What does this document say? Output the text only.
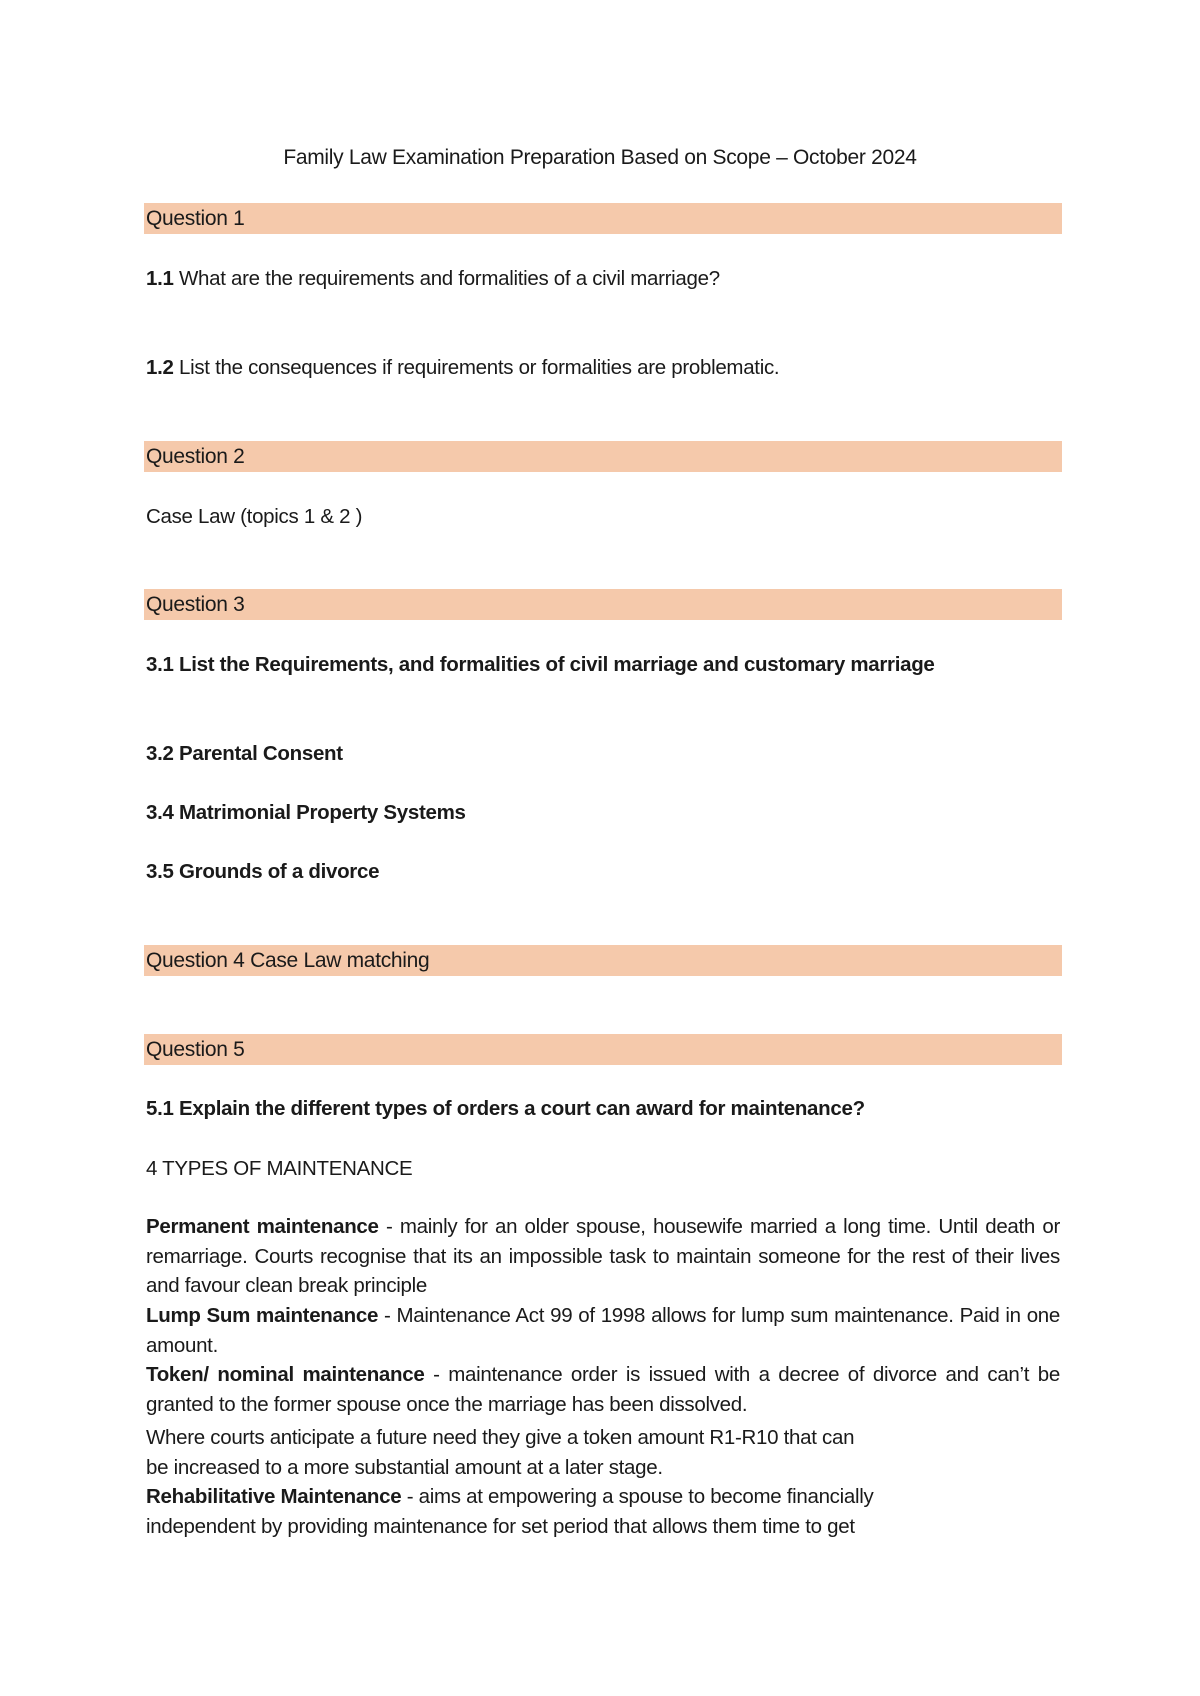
Family Law Examination Preparation Based on Scope – October 2024
Question 1
1.1 What are the requirements and formalities of a civil marriage?
1.2 List the consequences if requirements or formalities are problematic.
Question 2
Case Law (topics 1 & 2 )
Question 3
3.1 List the Requirements, and formalities of civil marriage and customary marriage
3.2 Parental Consent
3.4 Matrimonial Property Systems
3.5 Grounds of a divorce
Question 4 Case Law matching
Question 5
5.1 Explain the different types of orders a court can award for maintenance?
4 TYPES OF MAINTENANCE
Permanent maintenance - mainly for an older spouse, housewife married a long time. Until death or remarriage. Courts recognise that its an impossible task to maintain someone for the rest of their lives and favour clean break principle
Lump Sum maintenance - Maintenance Act 99 of 1998 allows for lump sum maintenance. Paid in one amount.
Token/ nominal maintenance - maintenance order is issued with a decree of divorce and can’t be granted to the former spouse once the marriage has been dissolved.
Where courts anticipate a future need they give a token amount R1-R10 that can
be increased to a more substantial amount at a later stage.
Rehabilitative Maintenance - aims at empowering a spouse to become financially
independent by providing maintenance for set period that allows them time to get
